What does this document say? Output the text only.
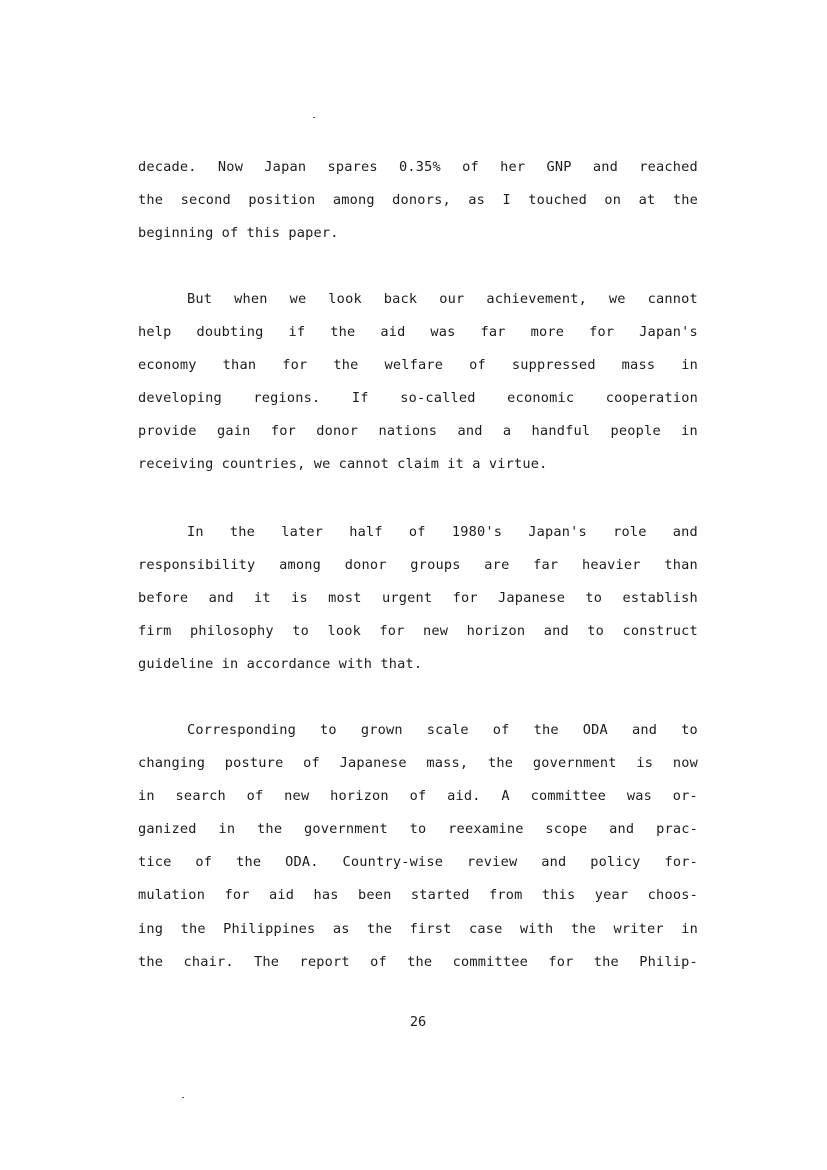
decade. Now Japan spares 0.35% of her GNP and reached
the second position among donors, as I touched on at the
beginning of this paper.
But when we look back our achievement, we cannot
help doubting if the aid was far more for Japan's
economy than for the welfare of suppressed mass in
developing regions. If so-called economic cooperation
provide gain for donor nations and a handful people in
receiving countries, we cannot claim it a virtue.
In the later half of 1980's Japan's role and
responsibility among donor groups are far heavier than
before and it is most urgent for Japanese to establish
firm philosophy to look for new horizon and to construct
guideline in accordance with that.
Corresponding to grown scale of the ODA and to
changing posture of Japanese mass, the government is now
in search of new horizon of aid. A committee was or-
ganized in the government to reexamine scope and prac-
tice of the ODA. Country-wise review and policy for-
mulation for aid has been started from this year choos-
ing the Philippines as the first case with the writer in
the chair. The report of the committee for the Philip-
26
